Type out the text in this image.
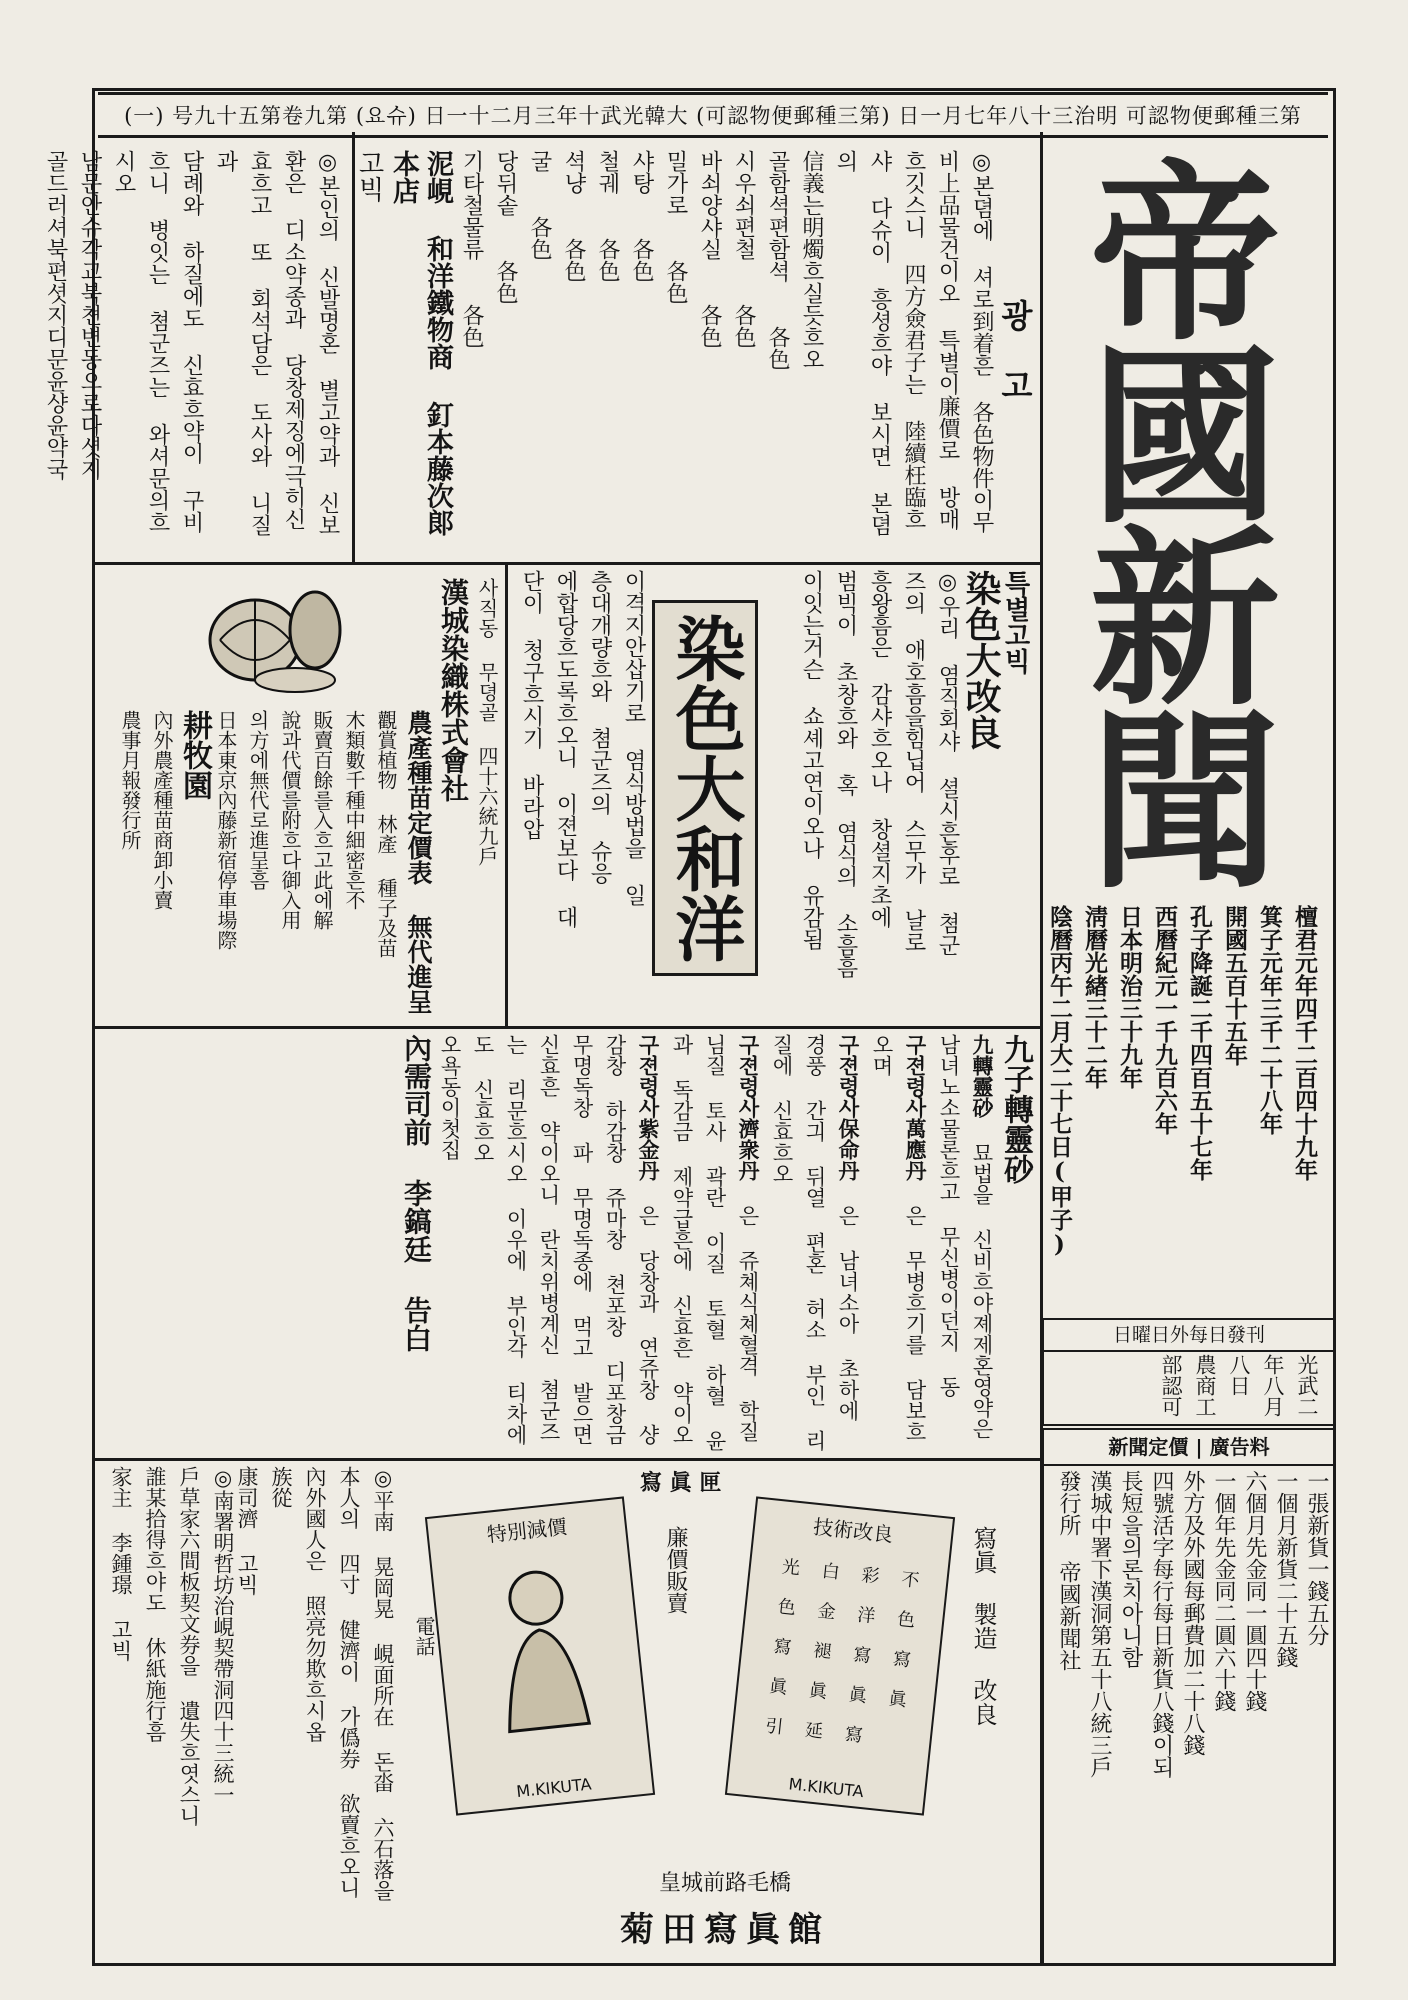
(一) 号九十五第卷九第 (요슈) 日一十二月三年十武光韓大 (可認物便郵種三第) 日一月七年八十三治明 可認物便郵種三第
帝
國
新
聞
檀君元年四千二百四十九年
箕子元年三千二十八年
開國五百十五年
孔子降誕二千四百五十七年
西曆紀元一千九百六年
日本明治三十九年
淸曆光緖三十二年
陰曆丙午二月大二十七日(甲子)
日曜日外每日發刊
光武二年八月八日
農商工部認可
新聞定價 | 廣告料
一張新貨一錢五分
一個月新貨二十五錢
六個月先金同一圓四十錢
一個年先金同二圓六十錢
外方及外國每郵費加二十八錢
四號活字每行每日新貨八錢이되
長短을의론치아니함
漢城中署下漢洞第五十八統三戶
發行所 帝國新聞社
광 고
◎본뎜에 셔로到着흔 各色物件이무
비上品물건이오 특별이廉價로 방매
흐깃스니 四方僉君子는 陸續枉臨흐
샤 다슈이 흥셩흐야 보시면 본뎜의
信義는明燭흐실듯흐오
골함셕편함셕　　各色
시우쇠편철　　各色
바쇠양샤실　　各色
밀가로　　各色
샤탕　　各色
철궤　　各色
셕냥　　各色
굴　　各色
당뒤솥　　各色
기타철물류　　各色
泥峴 和洋鐵物商 釘本藤次郞 本店
고빅
◎본인의 신발명혼 별고약과 신보
환은 디소약종과 당창제징에극히신
효흐고 또 회석담은 도사와 니질과
담례와 하질에도 신효흐약이 구비
흐니 병잇는 쳠군즈는 와셔문의흐
시오
남문안슈각교북쳔변동으로다셧지
골드러셔북편셧지디문윤샹윤약국
특별고빅
染色大改良
◎우리 염직회샤 셜시흔후로 쳠군
즈의 애호흠을힘닙어 스무가 날로
흥왕흠은 감샤흐오나 창셜지초에
범빅이 초창흐와 혹 염식의 소흠흠
이잇는거슨 쇼셰고연이오나 유감됨
染色大和洋
이격지안삽기로 염식방법을 일
층대개량흐와 쳠군즈의 슈응
에합당흐도록흐오니 이젼보다 대
단이 청구흐시기 바라압
사직동 무뎡골 四十六統九戶
漢城染織株式會社
農產種苗定價表 無代進呈
觀賞植物 林產 種子及苗
木類數千種中細密흔不
販賣百餘를入흐고此에解
說과代價를附흐다御入用
의方에無代로進呈흠
日本東京內藤新宿停車場際
耕牧園
內外農產種苗商卸小賣
農事月報發行所
九子轉靈砂
九轉靈砂 묘법을 신비흐야졔제혼영약은 남녀노소물론흐고 무신병이던지 동
구젼령사萬應丹 은 무병흐기를 담보흐오며
구젼령사保命丹 은 남녀소아 초하에 경풍 간긔 뒤열 편혼 허소 부인 리질에 신효흐오
구젼령사濟衆丹 은 쥬쳬식쳬혈격 학질 님질 토사 곽란 이질 토혈 하혈 윤과 독감금 제약급흔에 신효흔 약이오
구젼령사紫金丹 은 당창과 연쥬창 샹감창 하감창 쥬마창 쳔포창 디포창금 무명독창 파 무명독종에 먹고 발으면 신효흔 약이오니 란치위병계신 쳠군즈는 리문흐시오 이우에 부인각 티차에도 신효흐오
오욕동이첫집
內需司前 李鎬廷 告白
寫 眞 匣
特別減價
M.KIKUTA
電話
廉價販賣	技術改良
光	白	彩	不
色	金	洋	色
寫	褪	寫	寫
眞	眞	眞	眞
引	延	寫
M.KIKUTA
寫眞 製造 改良
皇城前路毛橋
菊田寫眞館
◎平南 晃岡晃 峴面所在 돈畓 六石落을
本人의 四寸 健濟이 가僞券 欲賣흐오니
內外國人은 照亮勿欺흐시옵
族從
康司濟 고빅
◎南署明哲坊治峴契帶洞四十三統一
戶草家六間板契文券을 遺失흐엿스니
誰某拾得흐야도 休紙施行흠
家主 李鍾璟 고빅
